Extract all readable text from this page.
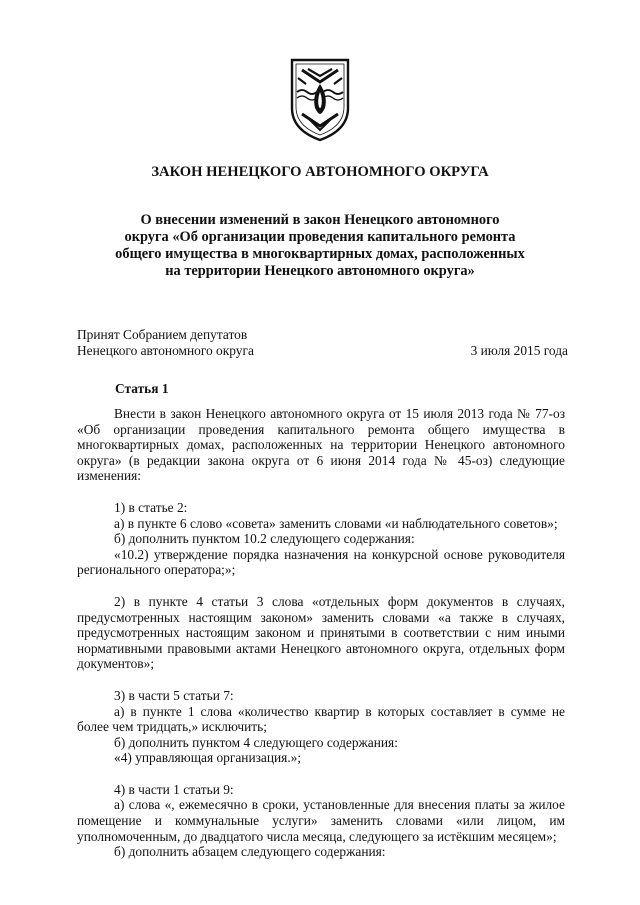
ЗАКОН НЕНЕЦКОГО АВТОНОМНОГО ОКРУГА
О внесении изменений в закон Ненецкого автономного
округа «Об организации проведения капитального ремонта
общего имущества в многоквартирных домах, расположенных
на территории Ненецкого автономного округа»
Принят Собранием депутатов
Ненецкого автономного округа	3 июля 2015 года
Статья 1

Внести в закон Ненецкого автономного округа от 15 июля 2013 года № 77-оз «Об организации проведения капитального ремонта общего имущества в многоквартирных домах, расположенных на территории Ненецкого автономного округа» (в редакции закона округа от 6 июня 2014 года № 45-оз) следующие изменения:

1) в статье 2:

а) в пункте 6 слово «совета» заменить словами «и наблюдательного советов»;

б) дополнить пунктом 10.2 следующего содержания:

«10.2) утверждение порядка назначения на конкурсной основе руководителя регионального оператора;»;

2) в пункте 4 статьи 3 слова «отдельных форм документов в случаях, предусмотренных настоящим законом» заменить словами «а также в случаях, предусмотренных настоящим законом и принятыми в соответствии с ним иными нормативными правовыми актами Ненецкого автономного округа, отдельных форм документов»;

3) в части 5 статьи 7:

а) в пункте 1 слова «количество квартир в которых составляет в сумме не более чем тридцать,» исключить;

б) дополнить пунктом 4 следующего содержания:

«4) управляющая организация.»;

4) в части 1 статьи 9:

а) слова «, ежемесячно в сроки, установленные для внесения платы за жилое помещение и коммунальные услуги» заменить словами «или лицом, им уполномоченным, до двадцатого числа месяца, следующего за истёкшим месяцем»;

б) дополнить абзацем следующего содержания:
